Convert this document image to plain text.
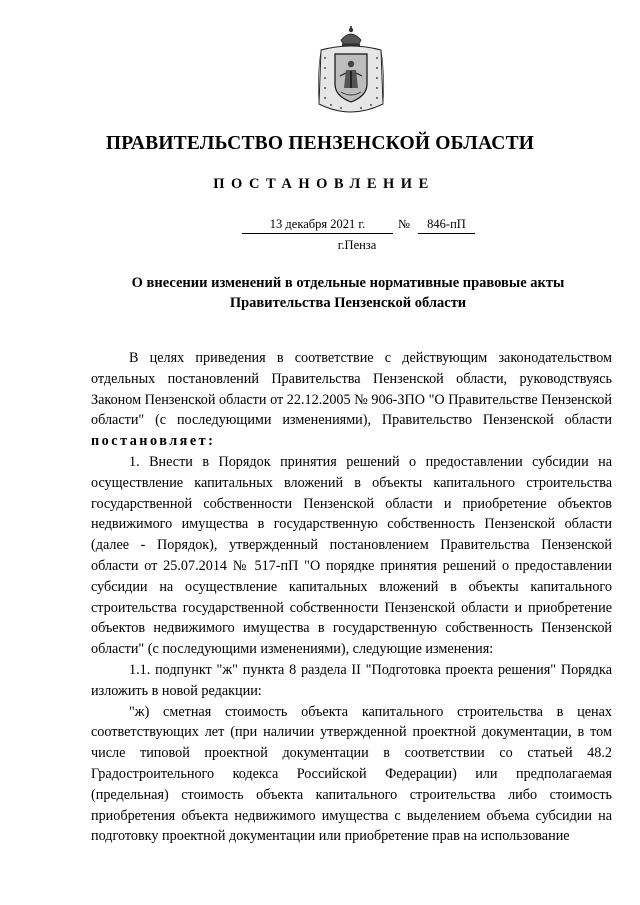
ПРАВИТЕЛЬСТВО ПЕНЗЕНСКОЙ ОБЛАСТИ
ПОСТАНОВЛЕНИЕ
13 декабря 2021 г.	№	846-пП
г.Пенза
О внесении изменений в отдельные нормативные правовые акты
Правительства Пензенской области

В целях приведения в соответствие с действующим законодательством отдельных постановлений Правительства Пензенской области, руководствуясь Законом Пензенской области от 22.12.2005 № 906-ЗПО "О Правительстве Пензенской области" (с последующими изменениями), Правительство Пензенской области постановляет:

1. Внести в Порядок принятия решений о предоставлении субсидии на осуществление капитальных вложений в объекты капитального строительства государственной собственности Пензенской области и приобретение объектов недвижимого имущества в государственную собственность Пензенской области (далее - Порядок), утвержденный постановлением Правительства Пензенской области от 25.07.2014 № 517-пП "О порядке принятия решений о предоставлении субсидии на осуществление капитальных вложений в объекты капитального строительства государственной собственности Пензенской области и приобретение объектов недвижимого имущества в государственную собственность Пензенской области" (с последующими изменениями), следующие изменения:

1.1. подпункт "ж" пункта 8 раздела II "Подготовка проекта решения" Порядка изложить в новой редакции:

"ж) сметная стоимость объекта капитального строительства в ценах соответствующих лет (при наличии утвержденной проектной документации, в том числе типовой проектной документации в соответствии со статьей 48.2 Градостроительного кодекса Российской Федерации) или предполагаемая (предельная) стоимость объекта капитального строительства либо стоимость приобретения объекта недвижимого имущества с выделением объема субсидии на подготовку проектной документации или приобретение прав на использование
